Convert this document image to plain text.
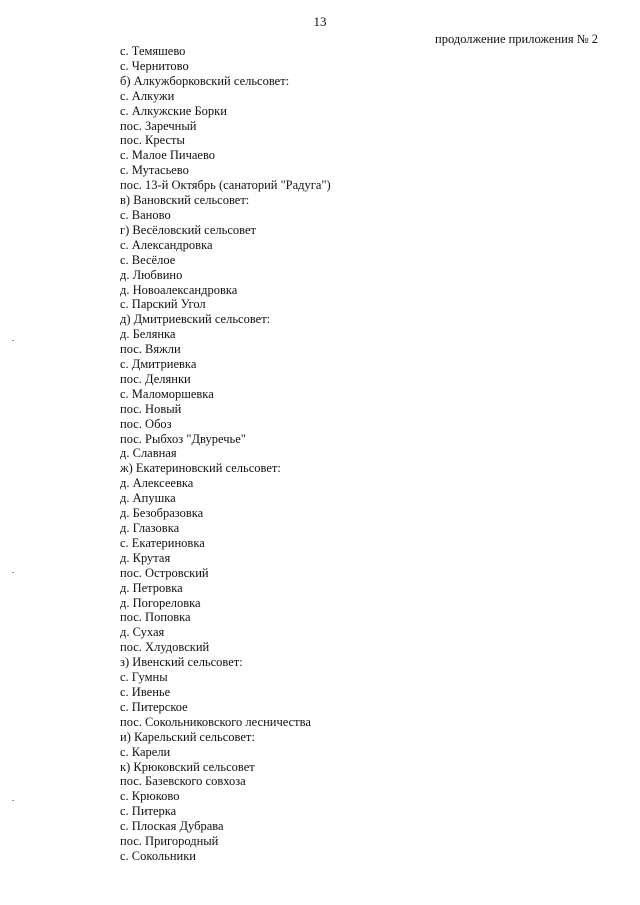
13
продолжение приложения № 2
с. Темяшево
с. Чернитово
б) Алкужборковский сельсовет:
с. Алкужи
с. Алкужские Борки
пос. Заречный
пос. Кресты
с. Малое Пичаево
с. Мутасьево
пос. 13-й Октябрь (санаторий "Радуга")
в) Вановский сельсовет:
с. Ваново
г) Весёловский сельсовет
с. Александровка
с. Весёлое
д. Любвино
д. Новоалександровка
с. Парский Угол
д) Дмитриевский сельсовет:
д. Белянка
пос. Вяжли
с. Дмитриевка
пос. Делянки
с. Маломоршевка
пос. Новый
пос. Обоз
пос. Рыбхоз "Двуречье"
д. Славная
ж) Екатериновский сельсовет:
д. Алексеевка
д. Апушка
д. Безобразовка
д. Глазовка
с. Екатериновка
д. Крутая
пос. Островский
д. Петровка
д. Погореловка
пос. Поповка
д. Сухая
пос. Хлудовский
з) Ивенский сельсовет:
с. Гумны
с. Ивенье
с. Питерское
пос. Сокольниковского лесничества
и) Карельский сельсовет:
с. Карели
к) Крюковский сельсовет
пос. Базевского совхоза
с. Крюково
с. Питерка
с. Плоская Дубрава
пос. Пригородный
с. Сокольники
